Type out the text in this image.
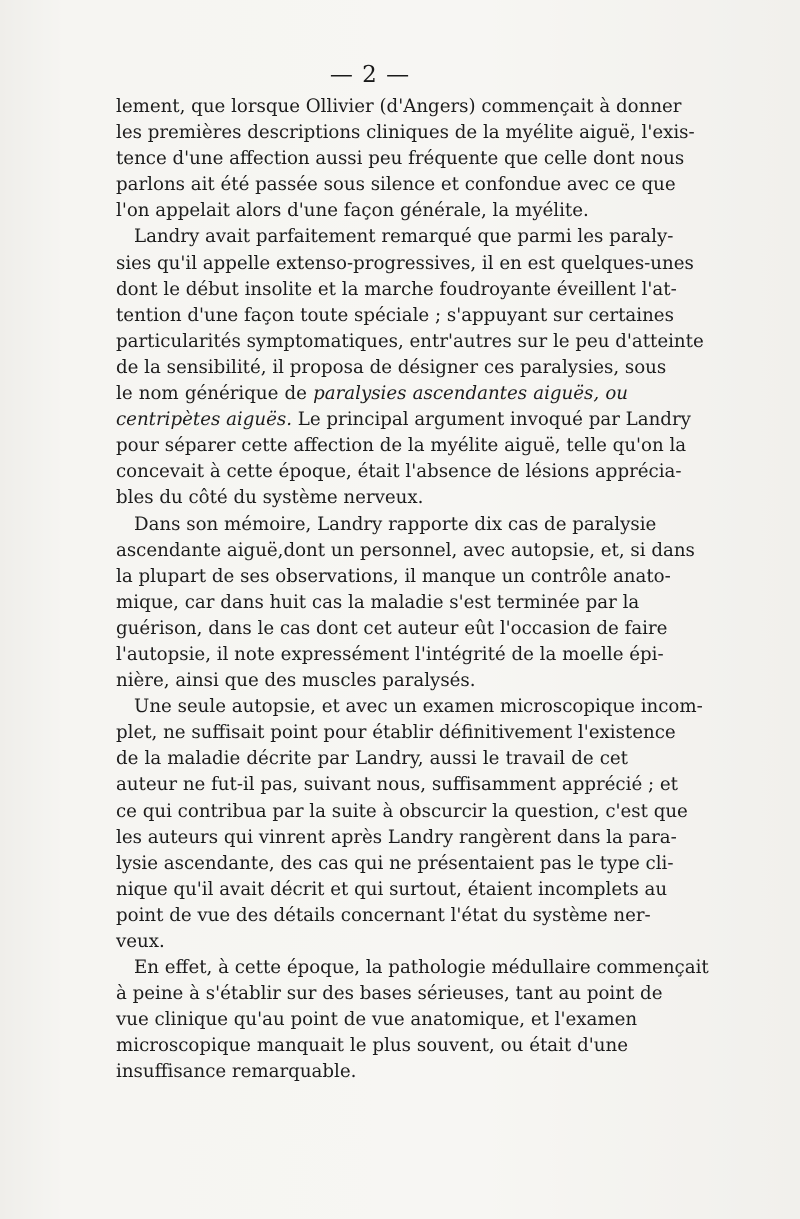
— 2 —
lement, que lorsque Ollivier (d'Angers) commençait à donner
les premières descriptions cliniques de la myélite aiguë, l'exis-
tence d'une affection aussi peu fréquente que celle dont nous
parlons ait été passée sous silence et confondue avec ce que
l'on appelait alors d'une façon générale, la myélite.
Landry avait parfaitement remarqué que parmi les paraly-
sies qu'il appelle extenso-progressives, il en est quelques-unes
dont le début insolite et la marche foudroyante éveillent l'at-
tention d'une façon toute spéciale ; s'appuyant sur certaines
particularités symptomatiques, entr'autres sur le peu d'atteinte
de la sensibilité, il proposa de désigner ces paralysies, sous
le nom générique de paralysies ascendantes aiguës, ou
centripètes aiguës. Le principal argument invoqué par Landry
pour séparer cette affection de la myélite aiguë, telle qu'on la
concevait à cette époque, était l'absence de lésions apprécia-
bles du côté du système nerveux.
Dans son mémoire, Landry rapporte dix cas de paralysie
ascendante aiguë,dont un personnel, avec autopsie, et, si dans
la plupart de ses observations, il manque un contrôle anato-
mique, car dans huit cas la maladie s'est terminée par la
guérison, dans le cas dont cet auteur eût l'occasion de faire
l'autopsie, il note expressément l'intégrité de la moelle épi-
nière, ainsi que des muscles paralysés.
Une seule autopsie, et avec un examen microscopique incom-
plet, ne suffisait point pour établir définitivement l'existence
de la maladie décrite par Landry, aussi le travail de cet
auteur ne fut-il pas, suivant nous, suffisamment apprécié ; et
ce qui contribua par la suite à obscurcir la question, c'est que
les auteurs qui vinrent après Landry rangèrent dans la para-
lysie ascendante, des cas qui ne présentaient pas le type cli-
nique qu'il avait décrit et qui surtout, étaient incomplets au
point de vue des détails concernant l'état du système ner-
veux.
En effet, à cette époque, la pathologie médullaire commençait
à peine à s'établir sur des bases sérieuses, tant au point de
vue clinique qu'au point de vue anatomique, et l'examen
microscopique manquait le plus souvent, ou était d'une
insuffisance remarquable.
